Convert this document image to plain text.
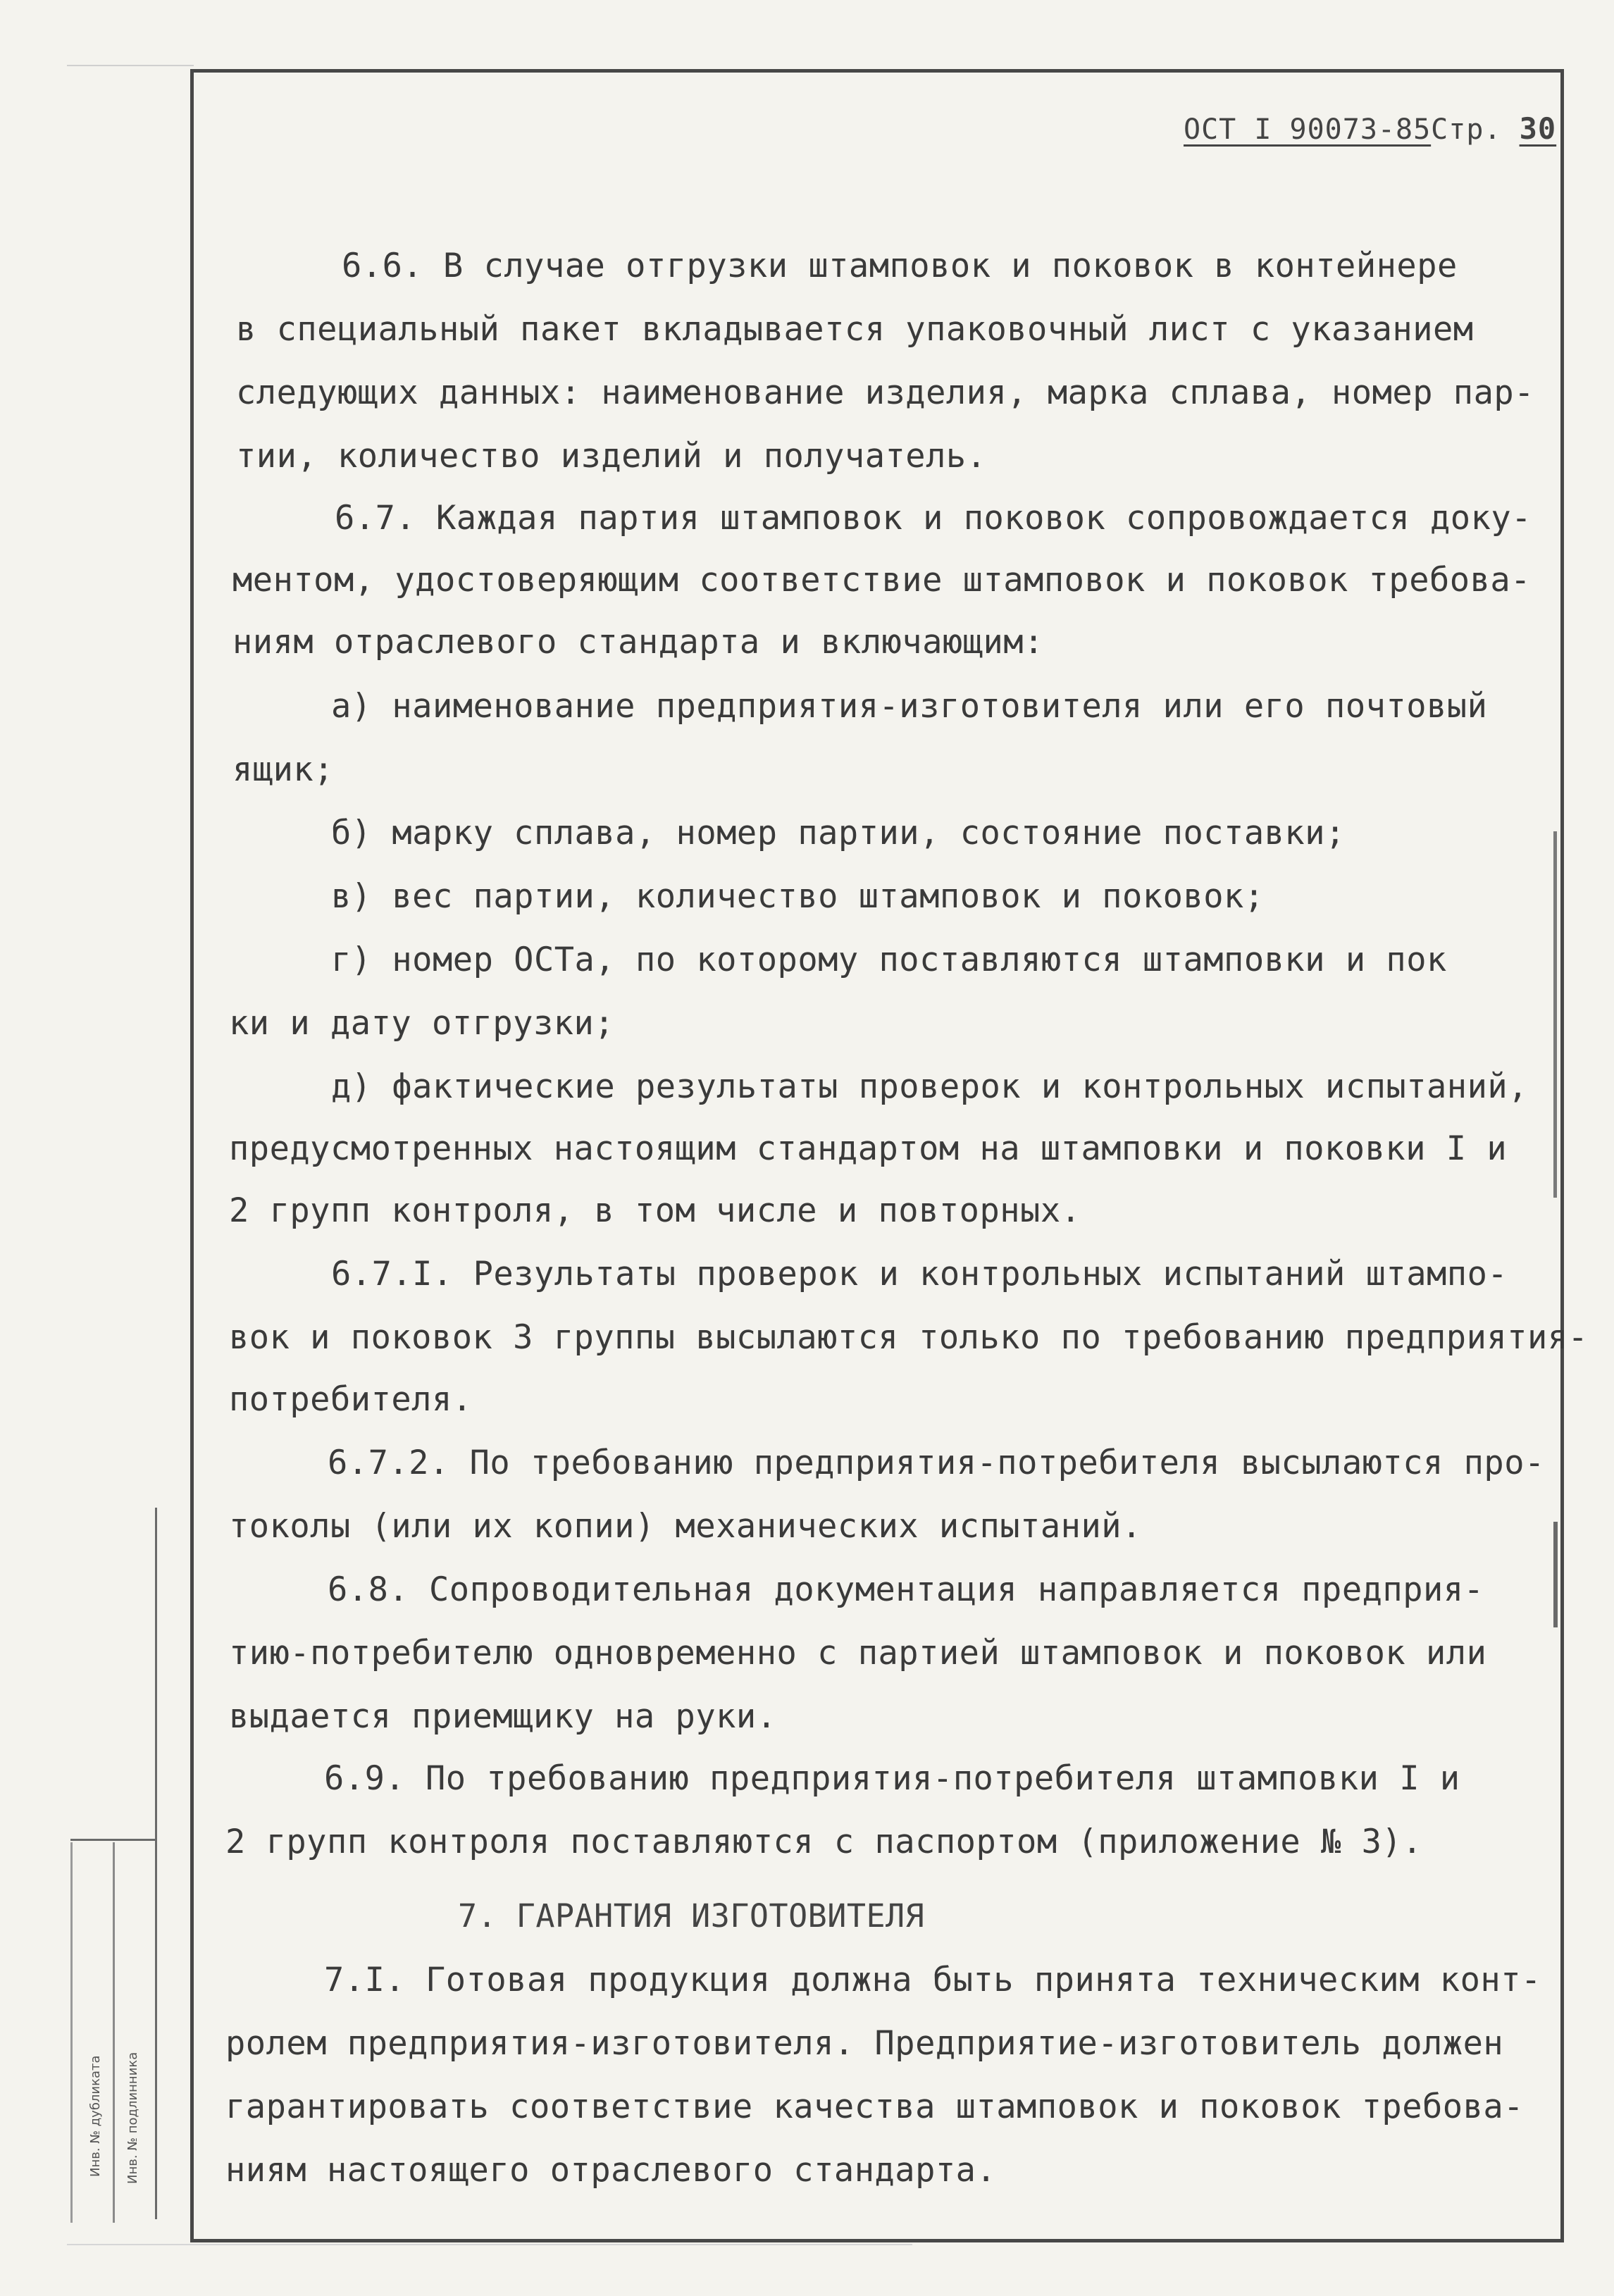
ОСТ I 90073-85Стр. 30
6.6. В случае отгрузки штамповок и поковок в контейнере
в специальный пакет вкладывается упаковочный лист с указанием
следующих данных: наименование изделия, марка сплава, номер пар-
тии, количество изделий и получатель.
6.7. Каждая партия штамповок и поковок сопровождается доку-
ментом, удостоверяющим соответствие штамповок и поковок требова-
ниям отраслевого стандарта и включающим:
а) наименование предприятия-изготовителя или его почтовый
ящик;
б) марку сплава, номер партии, состояние поставки;
в) вес партии, количество штамповок и поковок;
г) номер ОСТа, по которому поставляются штамповки и пок
ки и дату отгрузки;
д) фактические результаты проверок и контрольных испытаний,
предусмотренных настоящим стандартом на штамповки и поковки I и
2 групп контроля, в том числе и повторных.
6.7.I. Результаты проверок и контрольных испытаний штампо-
вок и поковок 3 группы высылаются только по требованию предприятия-
потребителя.
6.7.2. По требованию предприятия-потребителя высылаются про-
токолы (или их копии) механических испытаний.
6.8. Сопроводительная документация направляется предприя-
тию-потребителю одновременно с партией штамповок и поковок или
выдается приемщику на руки.
6.9. По требованию предприятия-потребителя штамповки I и
2 групп контроля поставляются с паспортом (приложение № 3).
7. ГАРАНТИЯ ИЗГОТОВИТЕЛЯ
7.I. Готовая продукция должна быть принята техническим конт-
ролем предприятия-изготовителя. Предприятие-изготовитель должен
гарантировать соответствие качества штамповок и поковок требова-
ниям настоящего отраслевого стандарта.
Инв. № дубликата Инв. № подлинника
